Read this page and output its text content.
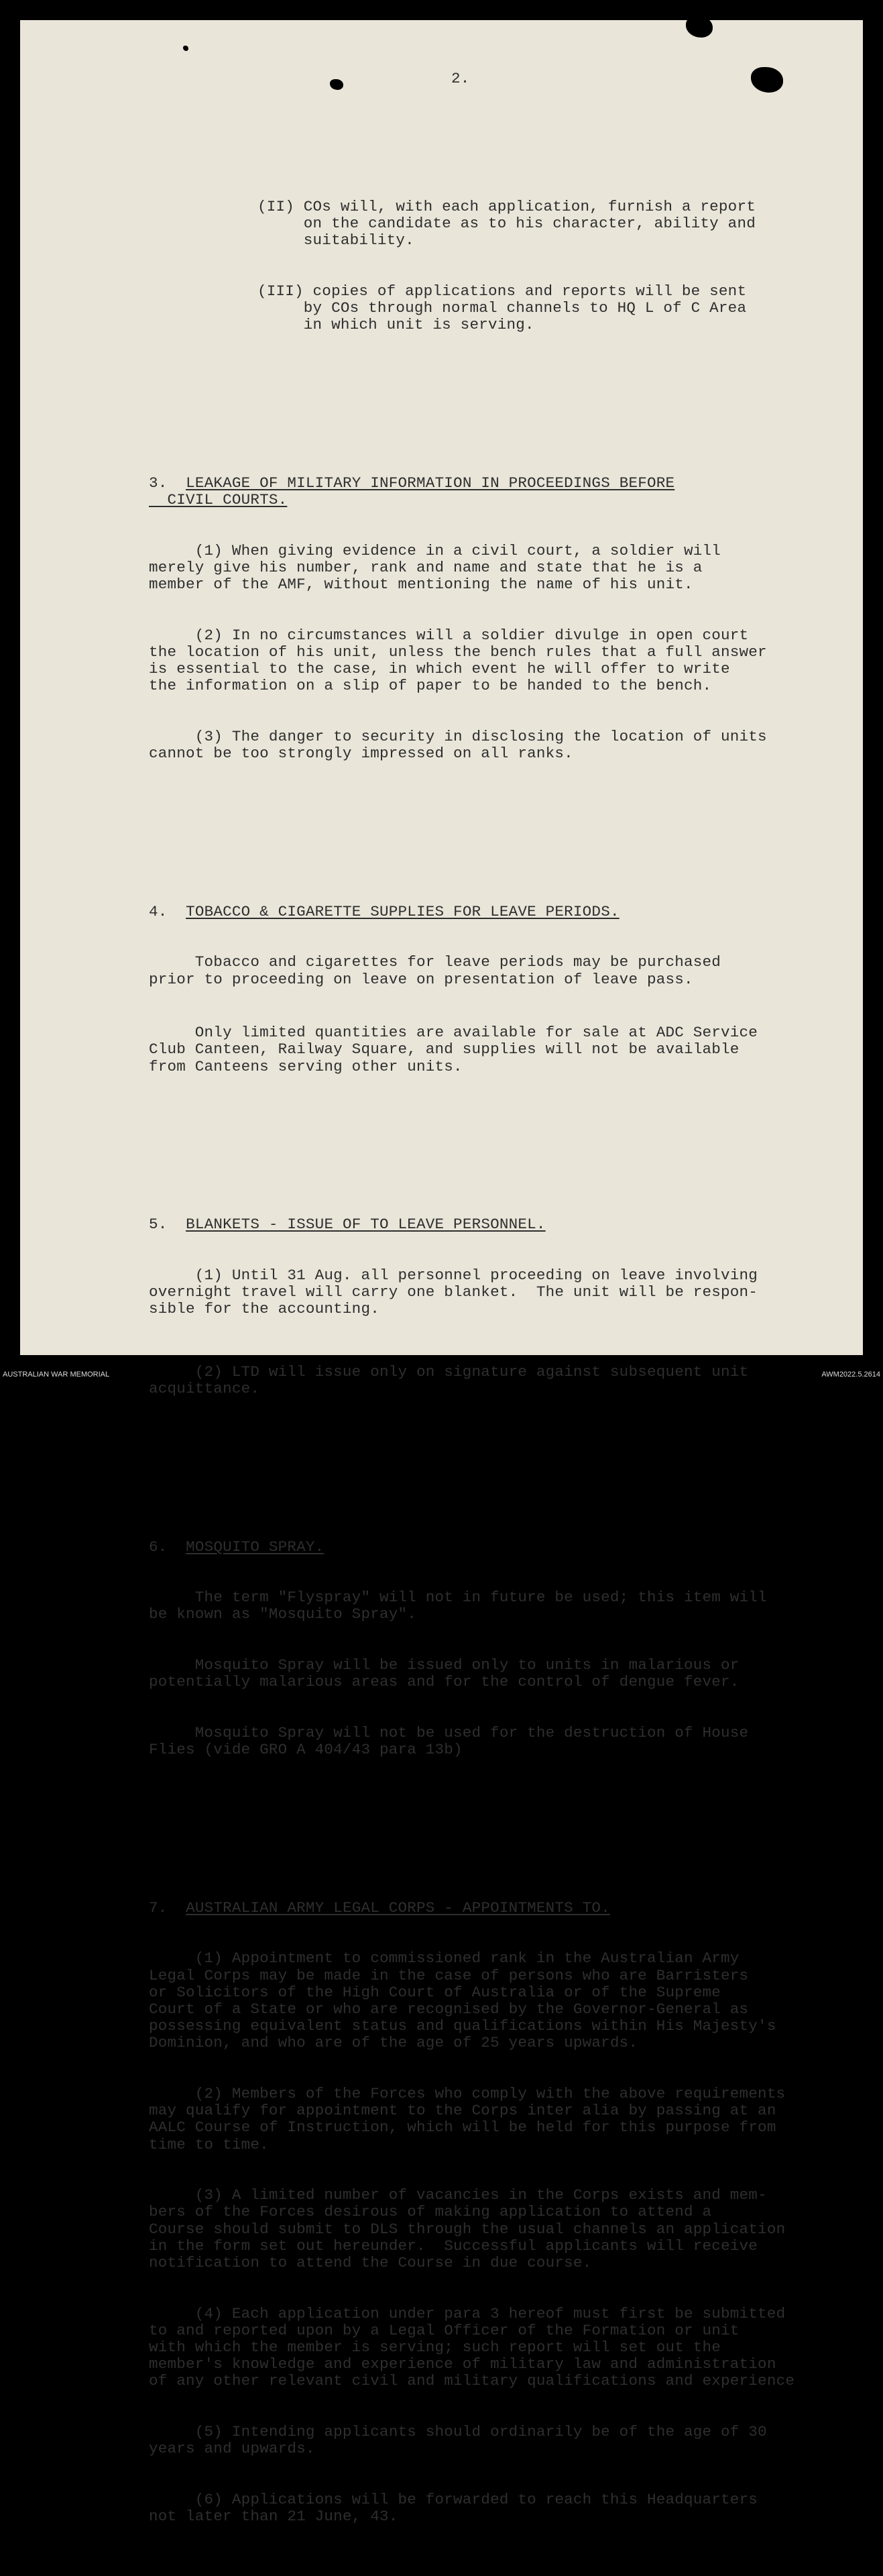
2.

(II) COs will, with each application, furnish a report
on the candidate as to his character, ability and
suitability.

(III) copies of applications and reports will be sent
by COs through normal channels to HQ L of C Area
in which unit is serving.

3. LEAKAGE OF MILITARY INFORMATION IN PROCEEDINGS BEFORE
CIVIL COURTS.

(1) When giving evidence in a civil court, a soldier will
merely give his number, rank and name and state that he is a
member of the AMF, without mentioning the name of his unit.

(2) In no circumstances will a soldier divulge in open court
the location of his unit, unless the bench rules that a full answer
is essential to the case, in which event he will offer to write
the information on a slip of paper to be handed to the bench.

(3) The danger to security in disclosing the location of units
cannot be too strongly impressed on all ranks.

4. TOBACCO & CIGARETTE SUPPLIES FOR LEAVE PERIODS.

Tobacco and cigarettes for leave periods may be purchased
prior to proceeding on leave on presentation of leave pass.

Only limited quantities are available for sale at ADC Service
Club Canteen, Railway Square, and supplies will not be available
from Canteens serving other units.

5. BLANKETS - ISSUE OF TO LEAVE PERSONNEL.

(1) Until 31 Aug. all personnel proceeding on leave involving
overnight travel will carry one blanket.  The unit will be respon-
sible for the accounting.

(2) LTD will issue only on signature against subsequent unit
acquittance.

6. MOSQUITO SPRAY.

The term "Flyspray" will not in future be used; this item will
be known as "Mosquito Spray".

Mosquito Spray will be issued only to units in malarious or
potentially malarious areas and for the control of dengue fever.

Mosquito Spray will not be used for the destruction of House
Flies (vide GRO A 404/43 para 13b)

7. AUSTRALIAN ARMY LEGAL CORPS - APPOINTMENTS TO.

(1) Appointment to commissioned rank in the Australian Army
Legal Corps may be made in the case of persons who are Barristers
or Solicitors of the High Court of Australia or of the Supreme
Court of a State or who are recognised by the Governor-General as
possessing equivalent status and qualifications within His Majesty's
Dominion, and who are of the age of 25 years upwards.

(2) Members of the Forces who comply with the above requirements
may qualify for appointment to the Corps inter alia by passing at an
AALC Course of Instruction, which will be held for this purpose from
time to time.

(3) A limited number of vacancies in the Corps exists and mem-
bers of the Forces desirous of making application to attend a
Course should submit to DLS through the usual channels an application
in the form set out hereunder.  Successful applicants will receive
notification to attend the Course in due course.

(4) Each application under para 3 hereof must first be submitted
to and reported upon by a Legal Officer of the Formation or unit
with which the member is serving; such report will set out the
member's knowledge and experience of military law and administration
of any other relevant civil and military qualifications and experience

(5) Intending applicants should ordinarily be of the age of 30
years and upwards.

(6) Applications will be forwarded to reach this Headquarters
not later than 21 June, 43.

AUSTRALIAN WAR MEMORIAL	AWM2022.5.2614
